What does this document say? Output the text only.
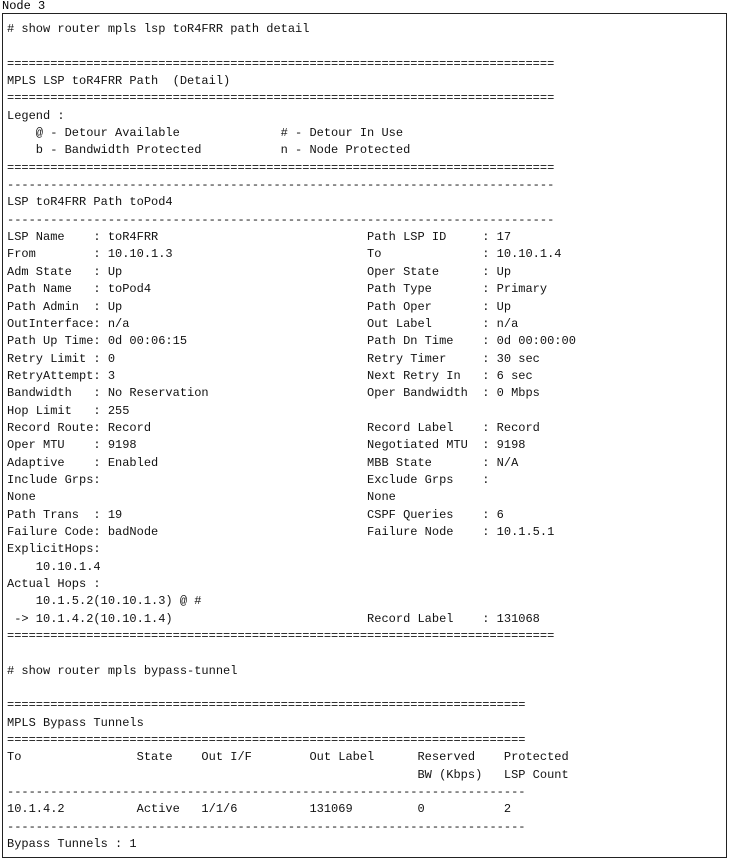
Node 3
# show router mpls lsp toR4FRR path detail
============================================================================
MPLS LSP toR4FRR Path  (Detail)
============================================================================
Legend :
@ - Detour Available              # - Detour In Use
b - Bandwidth Protected           n - Node Protected
============================================================================
----------------------------------------------------------------------------
LSP toR4FRR Path toPod4
----------------------------------------------------------------------------
LSP Name    : toR4FRR                             Path LSP ID     : 17
From        : 10.10.1.3                           To              : 10.10.1.4
Adm State   : Up                                  Oper State      : Up
Path Name   : toPod4                              Path Type       : Primary
Path Admin  : Up                                  Path Oper       : Up
OutInterface: n/a                                 Out Label       : n/a
Path Up Time: 0d 00:06:15                         Path Dn Time    : 0d 00:00:00
Retry Limit : 0                                   Retry Timer     : 30 sec
RetryAttempt: 3                                   Next Retry In   : 6 sec
Bandwidth   : No Reservation                      Oper Bandwidth  : 0 Mbps
Hop Limit   : 255
Record Route: Record                              Record Label    : Record
Oper MTU    : 9198                                Negotiated MTU  : 9198
Adaptive    : Enabled                             MBB State       : N/A
Include Grps:                                     Exclude Grps    :
None                                              None
Path Trans  : 19                                  CSPF Queries    : 6
Failure Code: badNode                             Failure Node    : 10.1.5.1
ExplicitHops:
10.10.1.4
Actual Hops :
10.1.5.2(10.10.1.3) @ #
-> 10.1.4.2(10.10.1.4)                           Record Label    : 131068
============================================================================
# show router mpls bypass-tunnel
========================================================================
MPLS Bypass Tunnels
========================================================================
To                State    Out I/F        Out Label      Reserved    Protected
BW (Kbps)   LSP Count
------------------------------------------------------------------------
10.1.4.2          Active   1/1/6          131069         0           2
------------------------------------------------------------------------
Bypass Tunnels : 1
